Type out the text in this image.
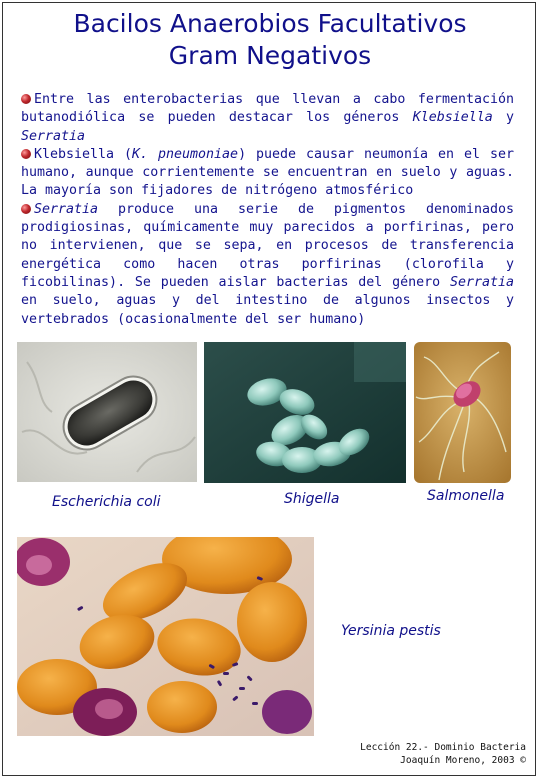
Bacilos Anaerobios Facultativos
Gram Negativos

Entre las enterobacterias que llevan a cabo fermentación butanodiólica se pueden destacar los géneros Klebsiella y Serratia

Klebsiella (K. pneumoniae) puede causar neumonía en el ser humano, aunque corrientemente se encuentran en suelo y aguas. La mayoría son fijadores de nitrógeno atmosférico

Serratia produce una serie de pigmentos denominados prodigiosinas, químicamente muy parecidos a porfirinas, pero no intervienen, que se sepa, en procesos de transferencia energética como hacen otras porfirinas (clorofila y ficobilinas). Se pueden aislar bacterias del género Serratia en suelo, aguas y del intestino de algunos insectos y vertebrados (ocasionalmente del ser humano)

Escherichia coli	Shigella	Salmonella
Yersinia pestis
Lección 22.- Dominio Bacteria
Joaquín Moreno, 2003 ©
